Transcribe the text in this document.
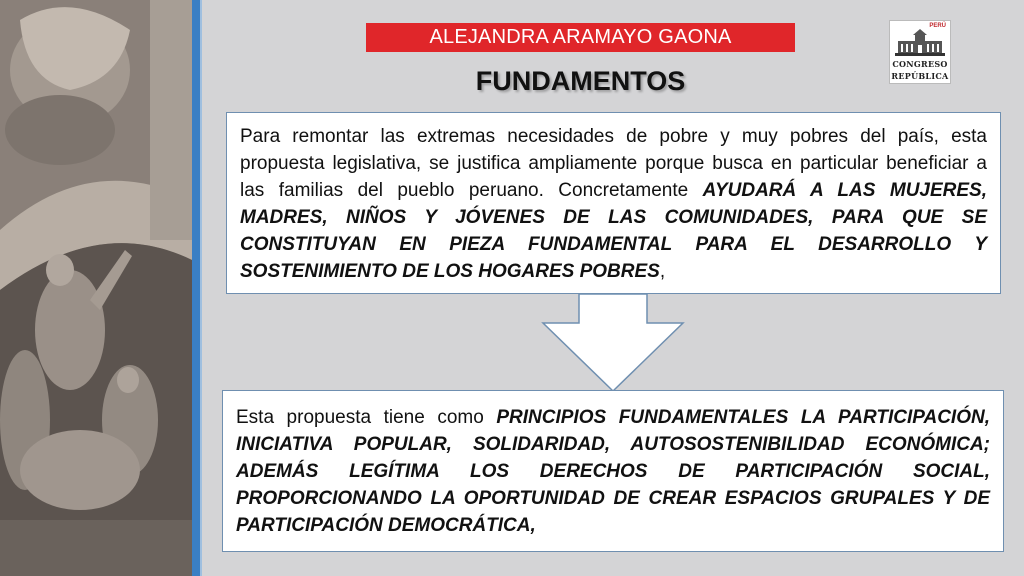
ALEJANDRA ARAMAYO GAONA
FUNDAMENTOS
PERÚ
CONGRESO
REPÚBLICA
Para remontar las extremas necesidades de pobre y muy pobres del país, esta propuesta legislativa, se justifica ampliamente porque busca en particular beneficiar a las familias del pueblo peruano. Concretamente AYUDARÁ A LAS MUJERES, MADRES, NIÑOS Y JÓVENES DE LAS COMUNIDADES, PARA QUE SE CONSTITUYAN EN PIEZA FUNDAMENTAL PARA EL DESARROLLO Y SOSTENIMIENTO DE LOS HOGARES POBRES,
Esta propuesta tiene como PRINCIPIOS FUNDAMENTALES LA PARTICIPACIÓN, INICIATIVA POPULAR, SOLIDARIDAD, AUTOSOSTENIBILIDAD ECONÓMICA; ADEMÁS LEGÍTIMA LOS DERECHOS DE PARTICIPACIÓN SOCIAL, PROPORCIONANDO LA OPORTUNIDAD DE CREAR ESPACIOS GRUPALES Y DE PARTICIPACIÓN DEMOCRÁTICA,
